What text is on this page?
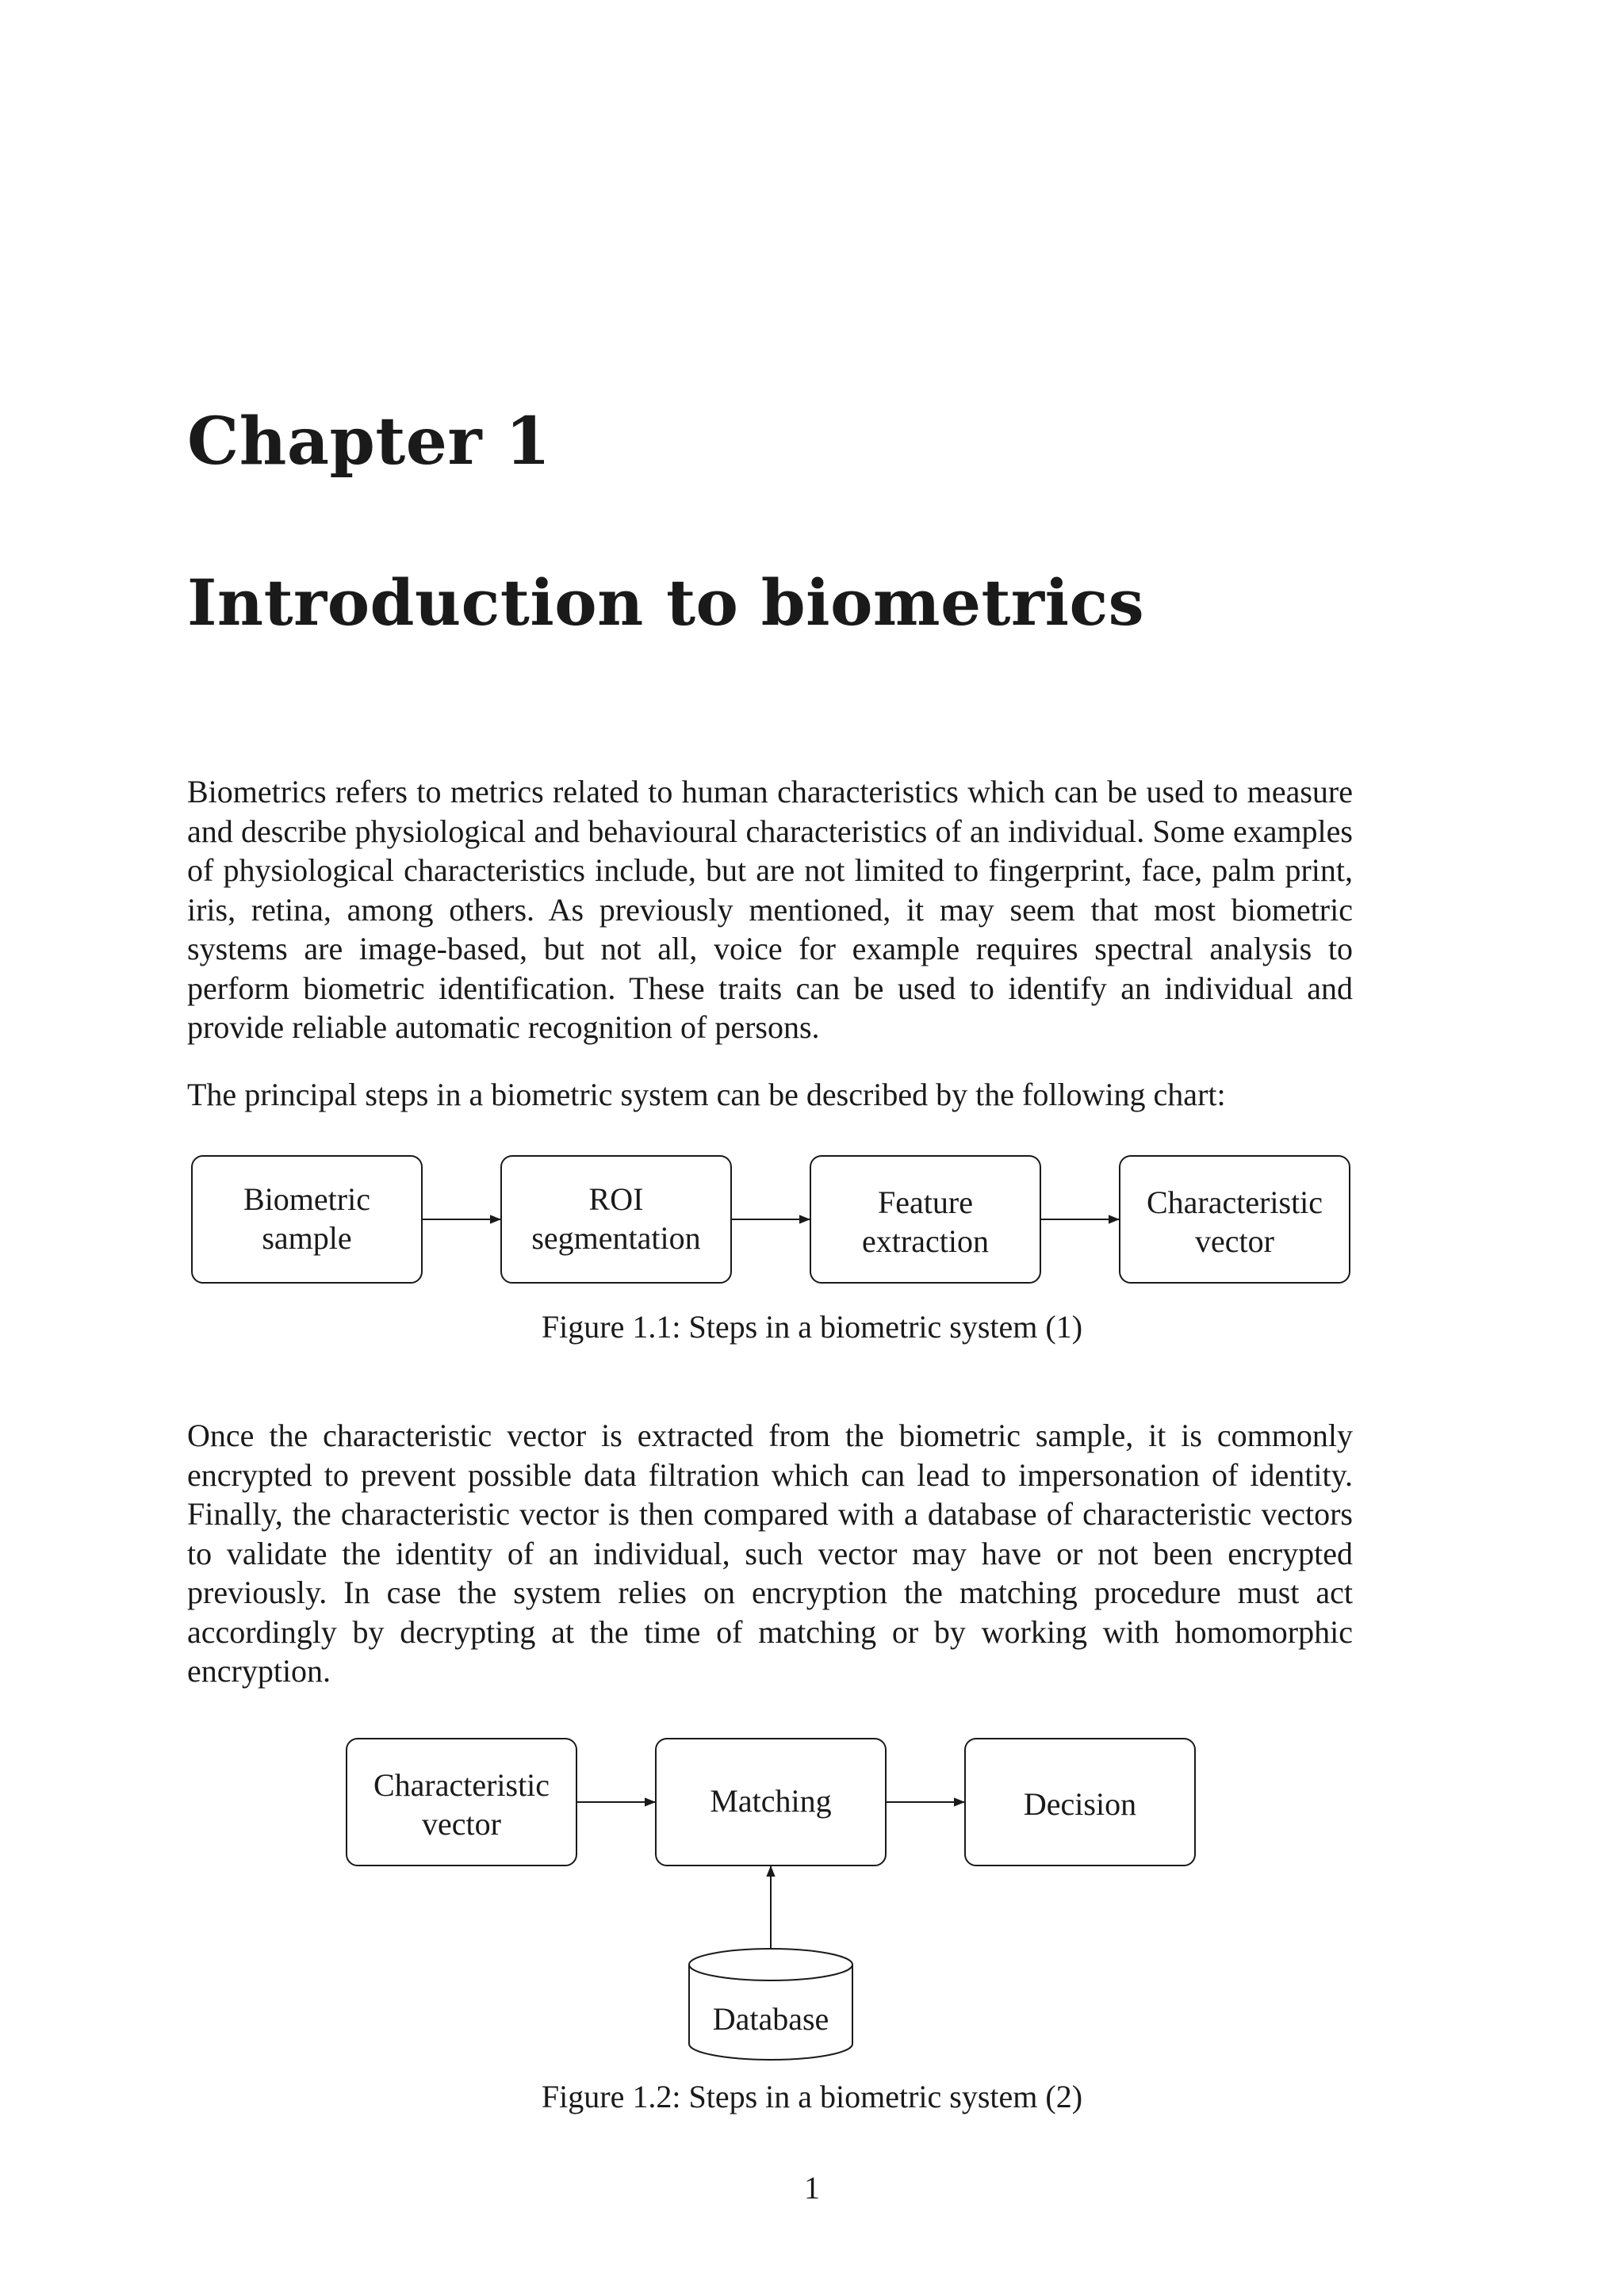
Chapter 1
Introduction to biometrics

Biometrics refers to metrics related to human characteristics which can be used to measure and describe physiological and behavioural characteristics of an individual. Some examples of physiological characteristics include, but are not limited to fingerprint, face, palm print, iris, retina, among others. As previously mentioned, it may seem that most biometric systems are image-based, but not all, voice for example requires spectral analysis to perform biometric identification. These traits can be used to identify an individual and provide reliable automatic recognition of persons.

The principal steps in a biometric system can be described by the following chart:

Biometric
sample
ROI
segmentation
Feature
extraction
Characteristic
vector
Figure 1.1: Steps in a biometric system (1)

Once the characteristic vector is extracted from the biometric sample, it is commonly encrypted to prevent possible data filtration which can lead to impersonation of identity. Finally, the characteristic vector is then compared with a database of characteristic vectors to validate the identity of an individual, such vector may have or not been encrypted previously. In case the system relies on encryption the matching procedure must act accordingly by decrypting at the time of matching or by working with homomorphic encryption.

Characteristic
vector
Matching	Decision
Database
Figure 1.2: Steps in a biometric system (2)
1
